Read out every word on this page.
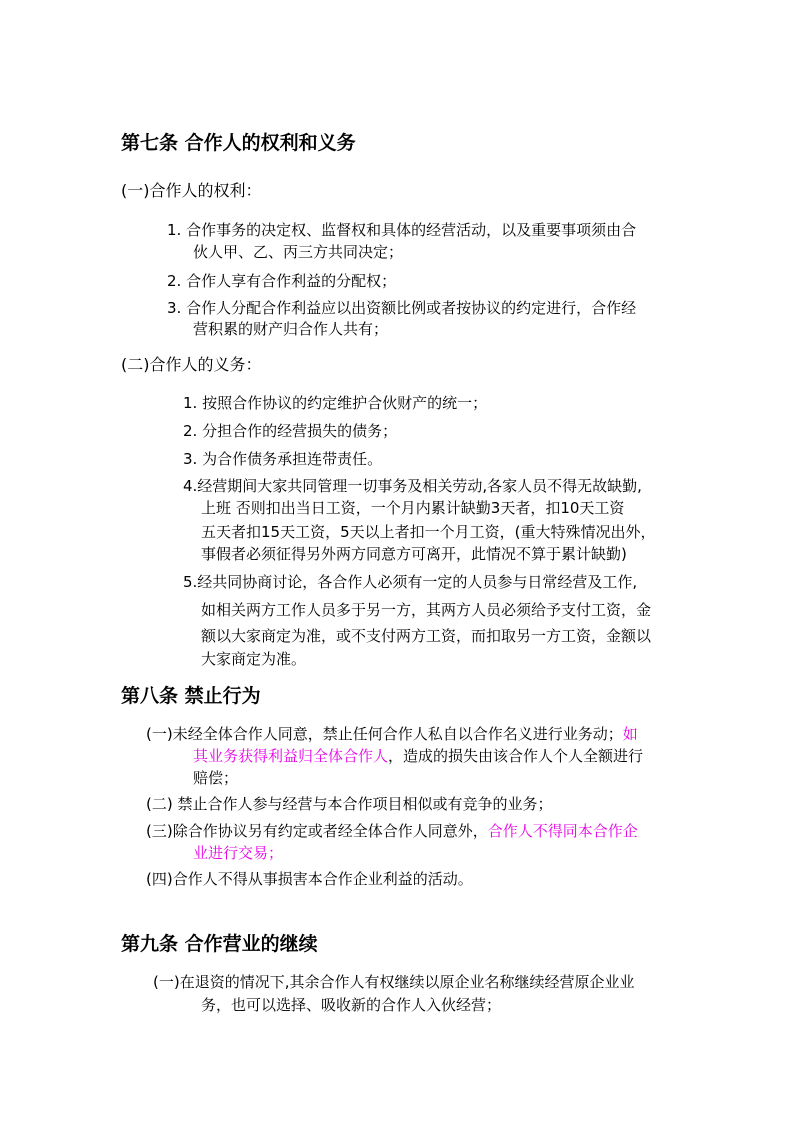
第七条 合作人的权利和义务
(一)合作人的权利：
1. 合作事务的决定权、监督权和具体的经营活动，以及重要事项须由合
伙人甲、乙、丙三方共同决定；
2. 合作人享有合作利益的分配权；
3. 合作人分配合作利益应以出资额比例或者按协议的约定进行，合作经
营积累的财产归合作人共有；
(二)合作人的义务：
1. 按照合作协议的约定维护合伙财产的统一；
2. 分担合作的经营损失的债务；
3. 为合作债务承担连带责任。
4.经营期间大家共同管理一切事务及相关劳动,各家人员不得无故缺勤,
上班 否则扣出当日工资，一个月内累计缺勤3天者，扣10天工资
五天者扣15天工资，5天以上者扣一个月工资，(重大特殊情况出外，
事假者必须征得另外两方同意方可离开，此情况不算于累计缺勤)
5.经共同协商讨论，各合作人必须有一定的人员参与日常经营及工作,
如相关两方工作人员多于另一方，其两方人员必须给予支付工资，金
额以大家商定为准，或不支付两方工资，而扣取另一方工资，金额以
大家商定为准。
第八条 禁止行为
(一)未经全体合作人同意，禁止任何合作人私自以合作名义进行业务动；如
其业务获得利益归全体合作人，造成的损失由该合作人个人全额进行
赔偿；
(二) 禁止合作人参与经营与本合作项目相似或有竞争的业务；
(三)除合作协议另有约定或者经全体合作人同意外，合作人不得同本合作企
业进行交易；
(四)合作人不得从事损害本合作企业利益的活动。
第九条 合作营业的继续
(一)在退资的情况下,其余合作人有权继续以原企业名称继续经营原企业业
务，也可以选择、吸收新的合作人入伙经营；
